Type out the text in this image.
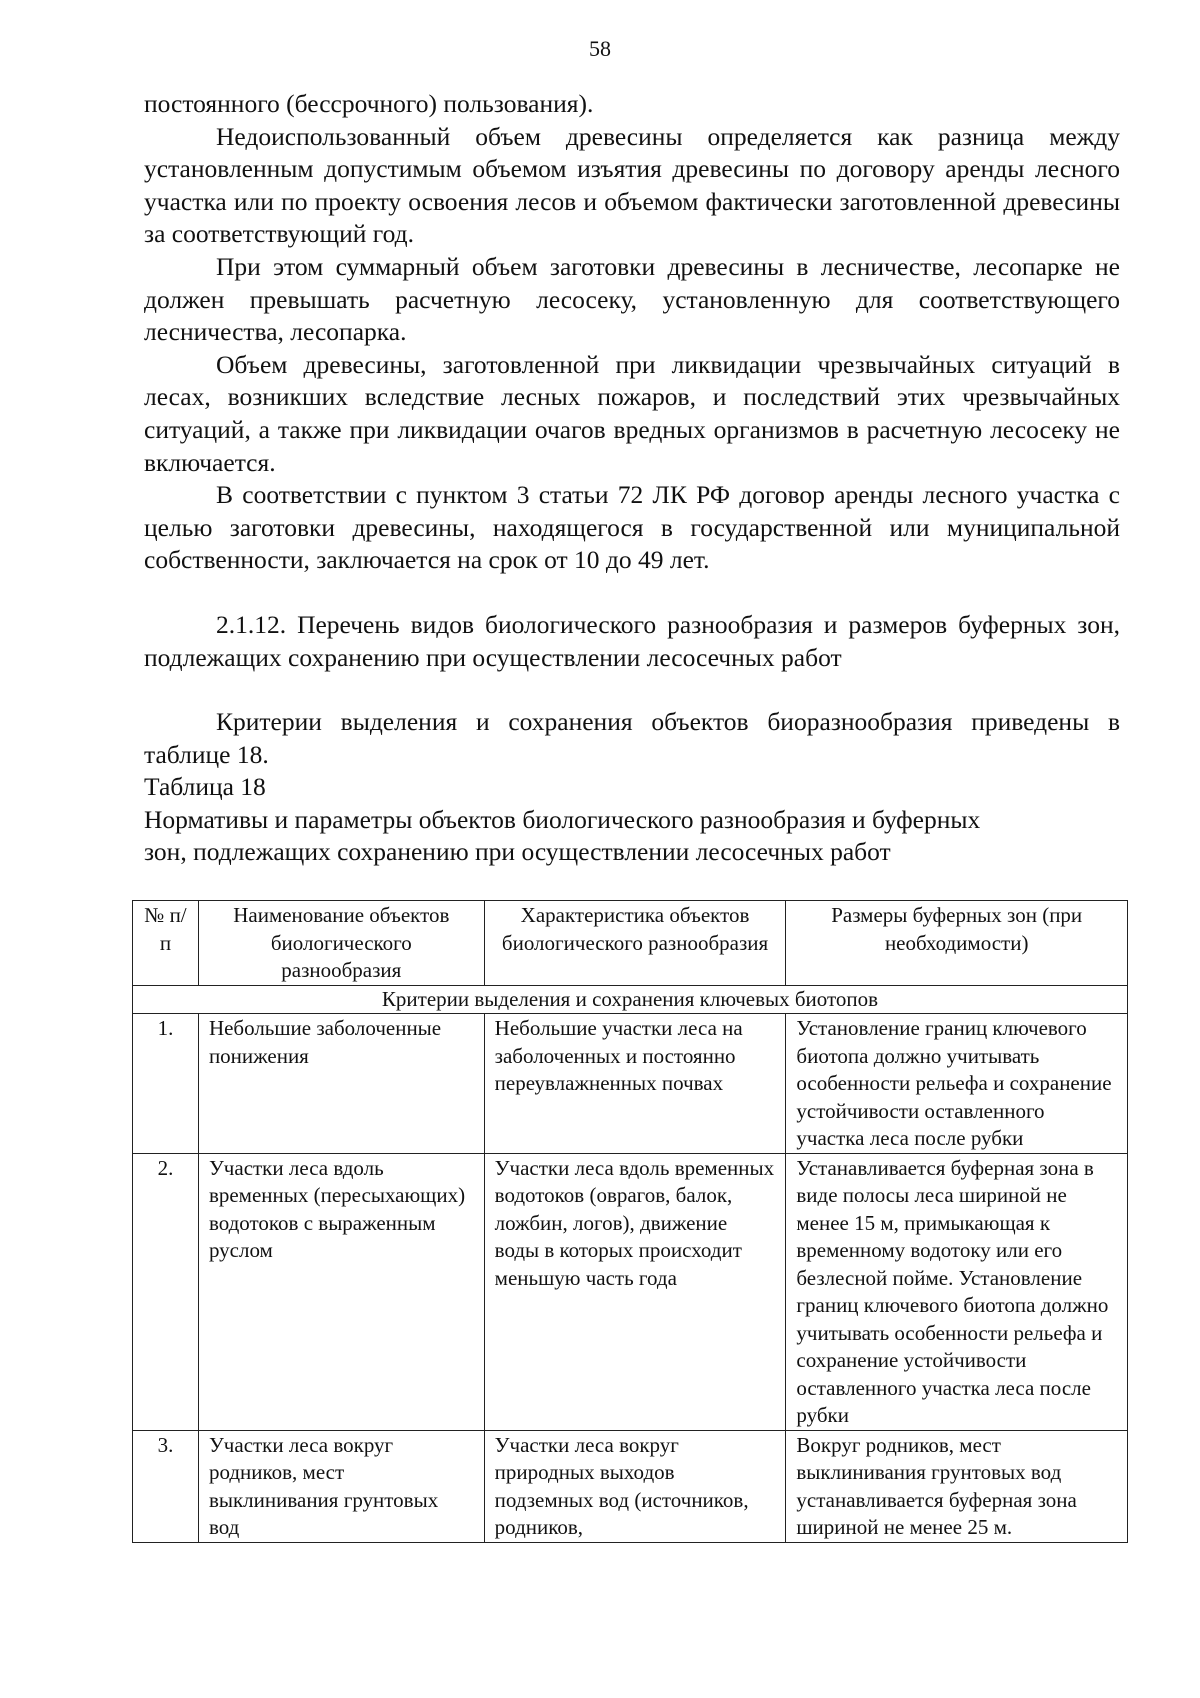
58

постоянного (бессрочного) пользования).

Недоиспользованный объем древесины определяется как разница между установленным допустимым объемом изъятия древесины по договору аренды лесного участка или по проекту освоения лесов и объемом фактически заготовленной древесины за соответствующий год.

При этом суммарный объем заготовки древесины в лесничестве, лесопарке не должен превышать расчетную лесосеку, установленную для соответствующего лесничества, лесопарка.

Объем древесины, заготовленной при ликвидации чрезвычайных ситуаций в лесах, возникших вследствие лесных пожаров, и последствий этих чрезвычайных ситуаций, а также при ликвидации очагов вредных организмов в расчетную лесосеку не включается.

В соответствии с пунктом 3 статьи 72 ЛК РФ договор аренды лесного участка с целью заготовки древесины, находящегося в государственной или муниципальной собственности, заключается на срок от 10 до 49 лет.

2.1.12. Перечень видов биологического разнообразия и размеров буферных зон, подлежащих сохранению при осуществлении лесосечных работ

Критерии выделения и сохранения объектов биоразнообразия приведены в таблице 18.

Таблица 18

Нормативы и параметры объектов биологического разнообразия и буферных

зон, подлежащих сохранению при осуществлении лесосечных работ

№ п/п	Наименование объектов биологического разнообразия	Характеристика объектов биологического разнообразия	Размеры буферных зон (при необходимости)
Критерии выделения и сохранения ключевых биотопов			
1.	Небольшие заболоченные понижения	Небольшие участки леса на заболоченных и постоянно переувлажненных почвах	Установление границ ключевого биотопа должно учитывать особенности рельефа и сохранение устойчивости оставленного участка леса после рубки
2.	Участки леса вдоль временных (пересыхающих) водотоков с выраженным руслом	Участки леса вдоль временных водотоков (оврагов, балок, ложбин, логов), движение воды в которых происходит меньшую часть года	Устанавливается буферная зона в виде полосы леса шириной не менее 15 м, примыкающая к временному водотоку или его безлесной пойме. Установление границ ключевого биотопа должно учитывать особенности рельефа и сохранение устойчивости оставленного участка леса после рубки
3.	Участки леса вокруг родников, мест выклинивания грунтовых вод	Участки леса вокруг природных выходов подземных вод (источников, родников,	Вокруг родников, мест выклинивания грунтовых вод устанавливается буферная зона шириной не менее 25 м.
